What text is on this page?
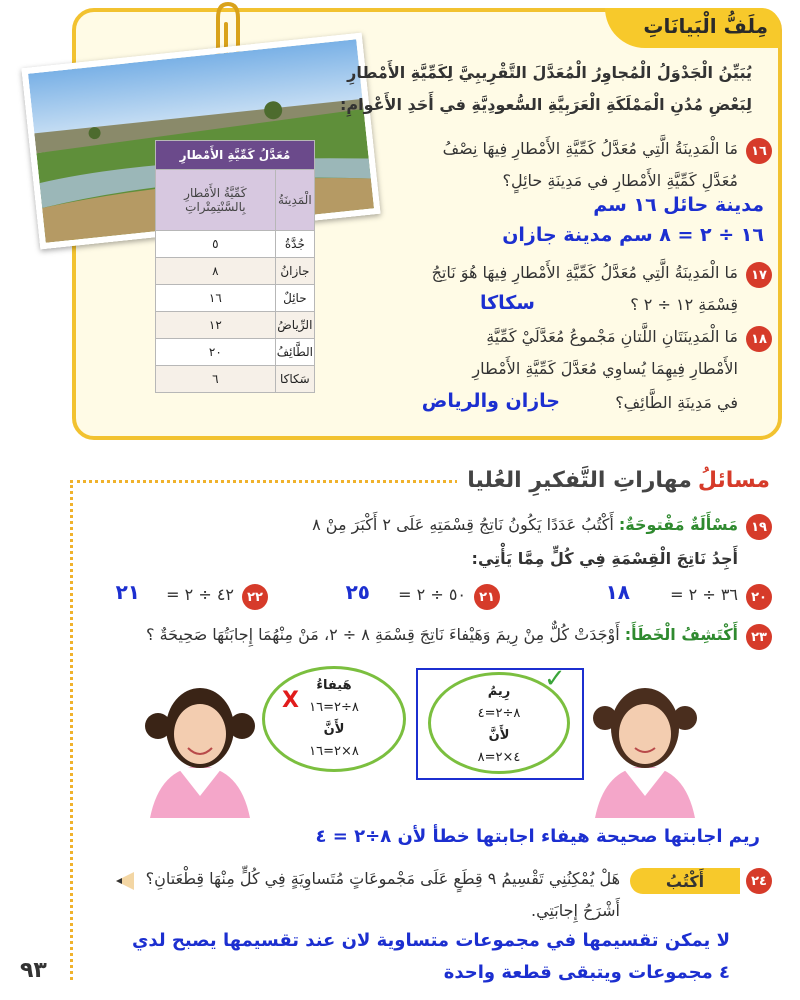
مِلَفُّ الْبَيانَاتِ
يُبَيِّنُ الْجَدْوَلُ الْمُجاوِرُ الْمُعَدَّلَ التَّقْرِيبِيَّ لِكَمِّيَّةِ الأَمْطارِ
لِبَعْضِ مُدُنِ الْمَمْلَكَةِ الْعَرَبِيَّةِ السُّعودِيَّةِ في أَحَدِ الأَعْوامِ:
١٦
مَا الْمَدِينَةُ الَّتِي مُعَدَّلُ كَمِّيَّةِ الأَمْطارِ فِيهَا نِصْفُ
مُعَدَّلِ كَمِّيَّةِ الأَمْطارِ في مَدِينَةِ حائِلٍ؟
مدينة حائل ١٦ سم
١٦ ÷ ٢ = ٨ سم مدينة جازان
١٧
مَا الْمَدِينَةُ الَّتِي مُعَدَّلُ كَمِّيَّةِ الأَمْطارِ فِيهَا هُوَ نَاتِجُ
قِسْمَةِ ١٢ ÷ ٢ ؟
سكاكا
١٨
مَا الْمَدِينَتَانِ اللَّتانِ مَجْموعُ مُعَدَّلَيْ كَمِّيَّةِ
الأَمْطارِ فِيهِمَا يُساوِي مُعَدَّلَ كَمِّيَّةِ الأَمْطارِ
في مَدِينَةِ الطَّائِفِ؟
جازان والرياض
مُعَدَّلُ كَمِّيَّةِ الأَمْطارِ	
الْمَدِينَةُ	كَمِّيَّةُ الأَمْطارِ بِالسَّنْتِمِتْراتِ
جُدَّةُ	٥
جازانُ	٨
حائِلٌ	١٦
الرِّياضُ	١٢
الطَّائِفُ	٢٠
سَكاكا	٦
مسائلُ
مهاراتِ التَّفكيرِ العُليا
١٩
مَسْأَلَةٌ مَفْتوحَةٌ: أَكْتُبُ عَدَدًا يَكُونُ نَاتِجُ قِسْمَتِهِ عَلَى ٢ أَكْبَرَ مِنْ ٨
أَجِدُ نَاتِجَ الْقِسْمَةِ فِي كُلٍّ مِمَّا يَأْتِي:
٢٠
٣٦ ÷ ٢ =
١٨
٢١
٥٠ ÷ ٢ =
٢٥
٢٢
٤٢ ÷ ٢ =
٢١
٢٣
أَكْتَشِفُ الْخَطَأَ: أَوْجَدَتْ كُلٌّ مِنْ رِيمَ وَهَيْفاءَ نَاتِجَ قِسْمَةِ ٨ ÷ ٢، مَنْ مِنْهُمَا إِجابَتُهَا صَحِيحَةٌ ؟
رِيمُ
٨÷٢=٤
لأَنَّ
٤×٢=٨
✓
هَيفاءُ
٨÷٢=١٦
لأَنَّ
٨×٢=١٦
X
ريم اجابتها صحيحة هيفاء اجابتها خطأ لأن ٨÷٢ = ٤
٢٤
أَكْتُبُ
هَلْ يُمْكِنُنِي تَقْسِيمُ ٩ قِطَعٍ عَلَى مَجْموعَاتٍ مُتَساوِيَةٍ فِي كُلٍّ مِنْهَا قِطْعَتانِ؟
أَشْرَحُ إِجابَتِي.
لا يمكن تقسيمها في مجموعات متساوية لان عند تقسيمها يصبح لدي
٤ مجموعات ويتبقى قطعة واحدة
٩٣
